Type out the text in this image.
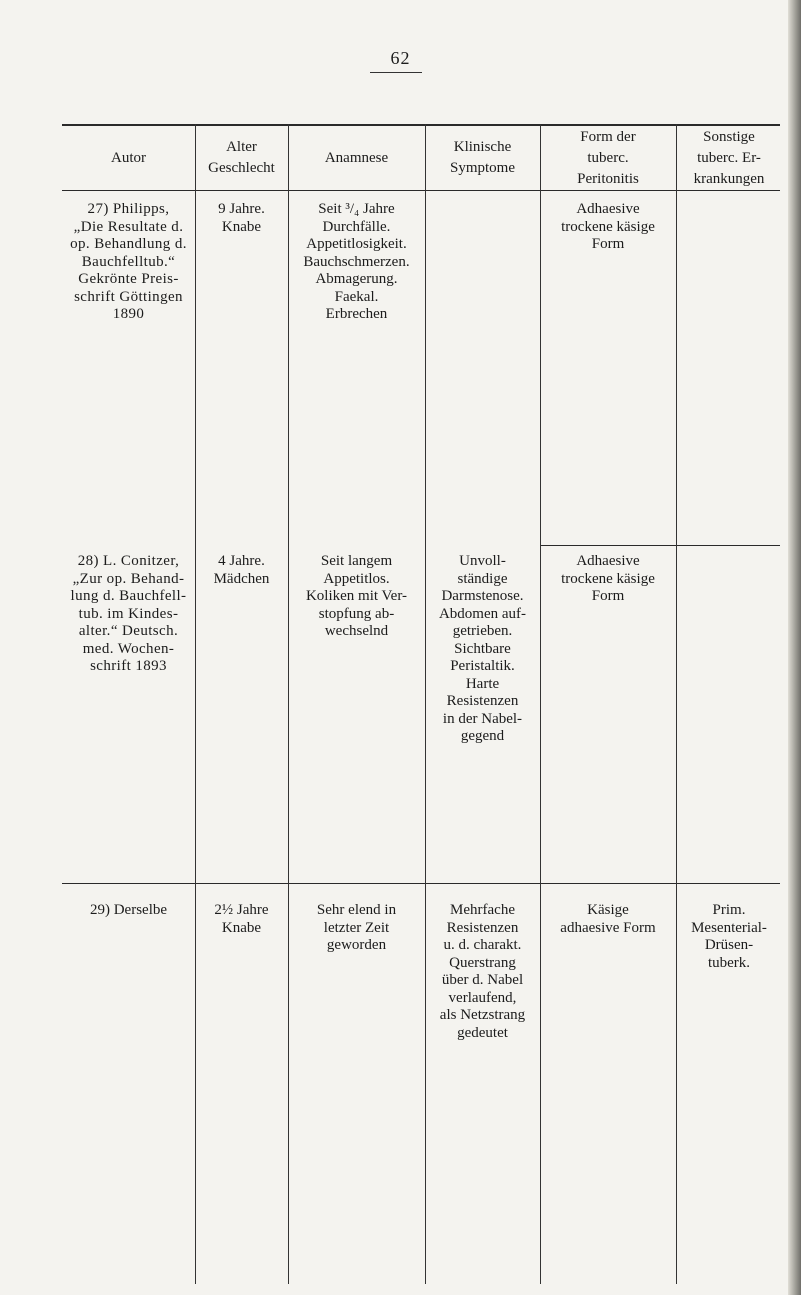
62
Autor
Alter
Geschlecht
Anamnese
Klinische
Symptome
Form der
tuberc.
Peritonitis
Sonstige
tuberc. Er-
krankungen
27) Philipps,
„Die Resultate d.
op. Behandlung d.
Bauchfelltub.“
Gekrönte Preis-
schrift Göttingen
1890
9 Jahre.
Knabe
Seit ³/₄ Jahre
Durchfälle.
Appetitlosigkeit.
Bauchschmerzen.
Abmagerung.
Faekal.
Erbrechen
Adhaesive
trockene käsige
Form
28) L. Conitzer,
„Zur op. Behand-
lung d. Bauchfell-
tub. im Kindes-
alter.“ Deutsch.
med. Wochen-
schrift 1893
4 Jahre.
Mädchen
Seit langem
Appetitlos.
Koliken mit Ver-
stopfung ab-
wechselnd
Unvoll-
ständige
Darmstenose.
Abdomen auf-
getrieben.
Sichtbare
Peristaltik.
Harte
Resistenzen
in der Nabel-
gegend
Adhaesive
trockene käsige
Form
29) Derselbe	2½ Jahre
Knabe
Sehr elend in
letzter Zeit
geworden
Mehrfache
Resistenzen
u. d. charakt.
Querstrang
über d. Nabel
verlaufend,
als Netzstrang
gedeutet
Käsige
adhaesive Form
Prim.
Mesenterial-
Drüsen-
tuberk.
